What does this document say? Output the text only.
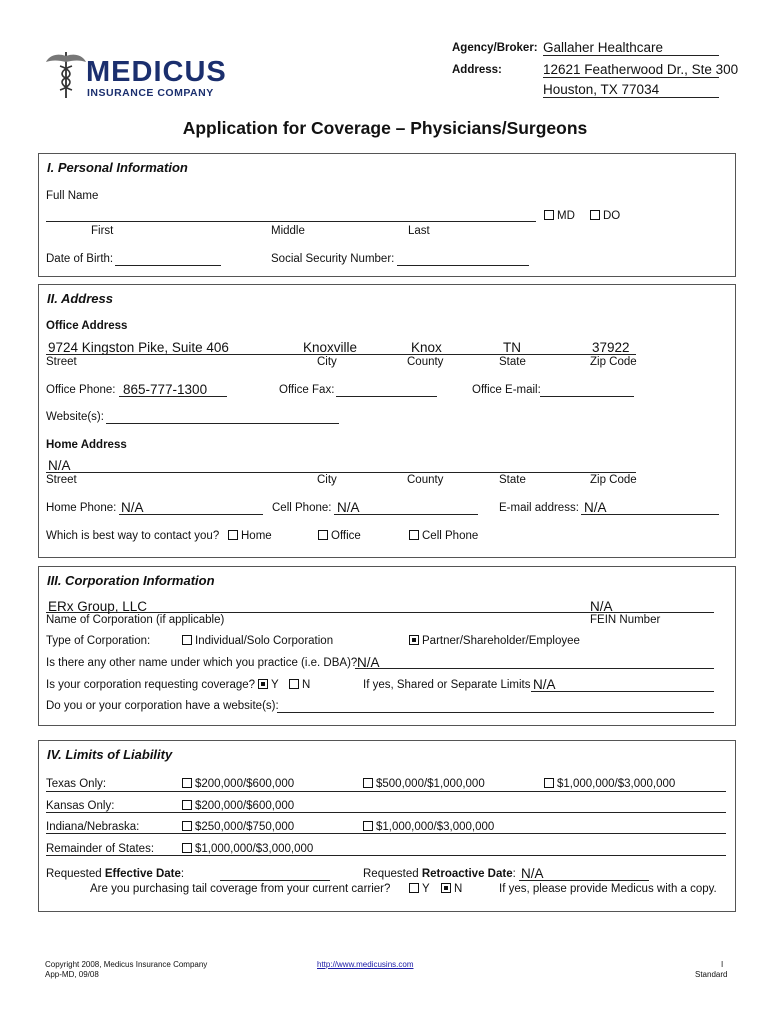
MEDICUS
INSURANCE COMPANY
Agency/Broker: Gallaher Healthcare
Address:	12621 Featherwood Dr., Ste 300
Houston, TX 77034
Application for Coverage – Physicians/Surgeons
I. Personal Information
Full Name
MD	DO
First	Middle	Last
Date of Birth:	Social Security Number:
II. Address
Office Address
9724 Kingston Pike, Suite 406	Knoxville	Knox	TN	37922
Street	City	County	State	Zip Code
Office Phone: 865-777-1300	Office Fax:	Office E-mail:
Website(s):
Home Address
N/A
Street	City	County	State	Zip Code
Home Phone: N/A	Cell Phone: N/A	E-mail address: N/A
Which is best way to contact you?	Home	Office	Cell Phone
III. Corporation Information
ERx Group, LLC	N/A
Name of Corporation (if applicable)	FEIN Number
Type of Corporation:	Individual/Solo Corporation	Partner/Shareholder/Employee
Is there any other name under which you practice (i.e. DBA)? N/A
Is your corporation requesting coverage?	Y	N	If yes, Shared or Separate Limits N/A
Do you or your corporation have a website(s):
IV. Limits of Liability
Texas Only:	$200,000/$600,000	$500,000/$1,000,000	$1,000,000/$3,000,000
Kansas Only:	$200,000/$600,000
Indiana/Nebraska:	$250,000/$750,000	$1,000,000/$3,000,000
Remainder of States:	$1,000,000/$3,000,000
Requested Effective Date:	Requested Retroactive Date: N/A
Are you purchasing tail coverage from your current carrier?	Y	N	If yes, please provide Medicus with a copy.
Copyright 2008, Medicus Insurance Company
App-MD, 09/08
http://www.medicusins.com	I
Standard
